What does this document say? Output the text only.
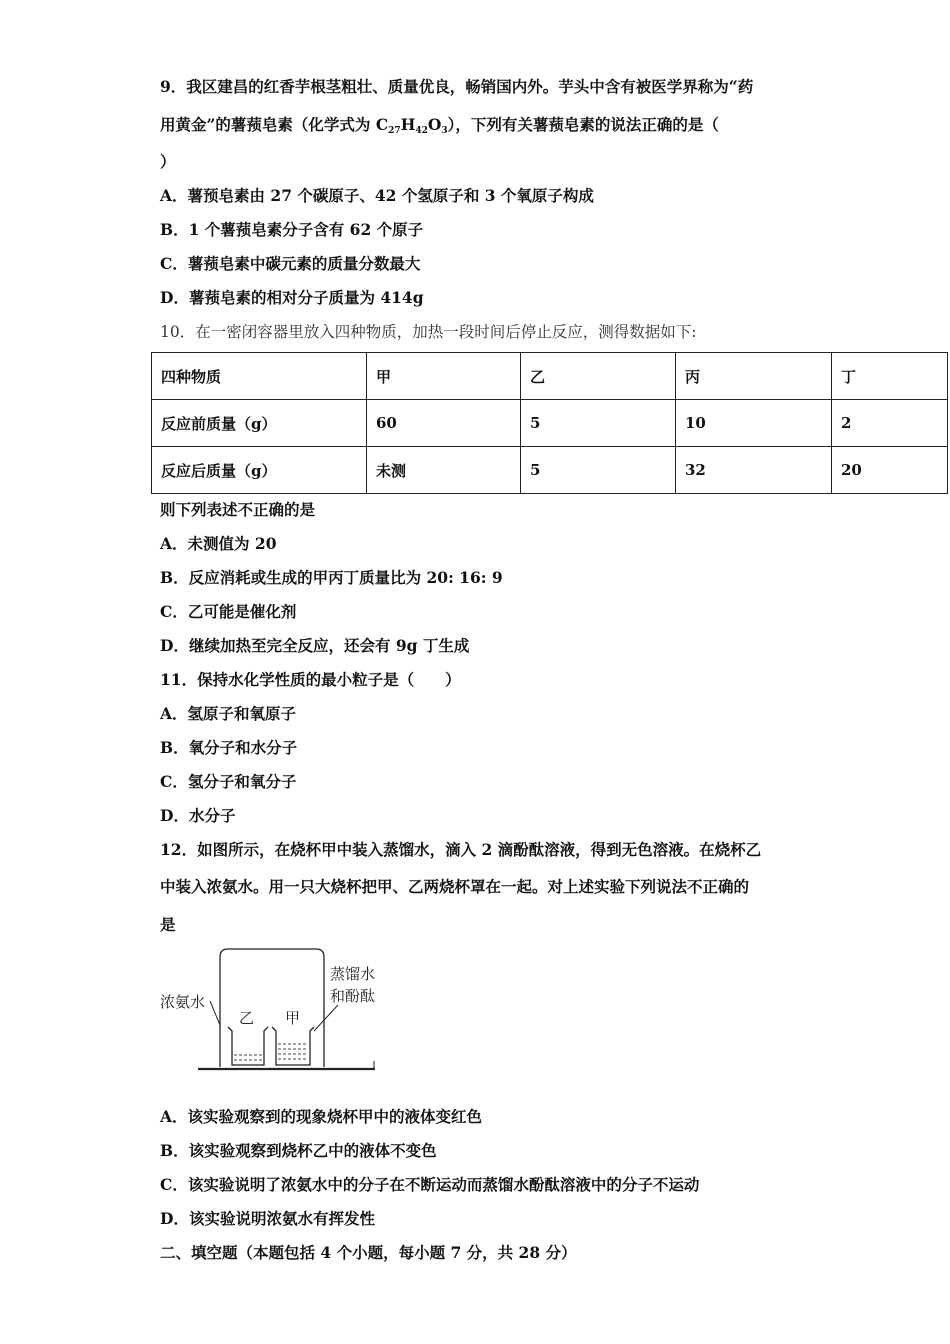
9．我区建昌的红香芋根茎粗壮、质量优良，畅销国内外。芋头中含有被医学界称为“药
用黄金”的薯蓣皂素（化学式为 $C_{27}H_{42}O_3$），下列有关薯蓣皂素的说法正确的是（
）
A．薯预皂素由 27 个碳原子、42 个氢原子和 3 个氧原子构成
B．1 个薯蓣皂素分子含有 62 个原子
C．薯蓣皂素中碳元素的质量分数最大
D．薯蓣皂素的相对分子质量为 414g
10．在一密闭容器里放入四种物质，加热一段时间后停止反应，测得数据如下:
四种物质	甲	乙	丙	丁
反应前质量（g）	60	5	10	2
反应后质量（g）	未测	5	32	20
则下列表述不正确的是
A．未测值为 20
B．反应消耗或生成的甲丙丁质量比为 20: 16: 9
C．乙可能是催化剂
D．继续加热至完全反应，还会有 9g 丁生成
11．保持水化学性质的最小粒子是（　　）
A．氢原子和氧原子
B．氧分子和水分子
C．氢分子和氧分子
D．水分子
12．如图所示，在烧杯甲中装入蒸馏水，滴入 2 滴酚酞溶液，得到无色溶液。在烧杯乙
中装入浓氨水。用一只大烧杯把甲、乙两烧杯罩在一起。对上述实验下列说法不正确的
是
浓氨水
乙 甲
蒸馏水
和酚酞
A．该实验观察到的现象烧杯甲中的液体变红色
B．该实验观察到烧杯乙中的液体不变色
C．该实验说明了浓氨水中的分子在不断运动而蒸馏水酚酞溶液中的分子不运动
D．该实验说明浓氨水有挥发性
二、填空题（本题包括 4 个小题，每小题 7 分，共 28 分）
